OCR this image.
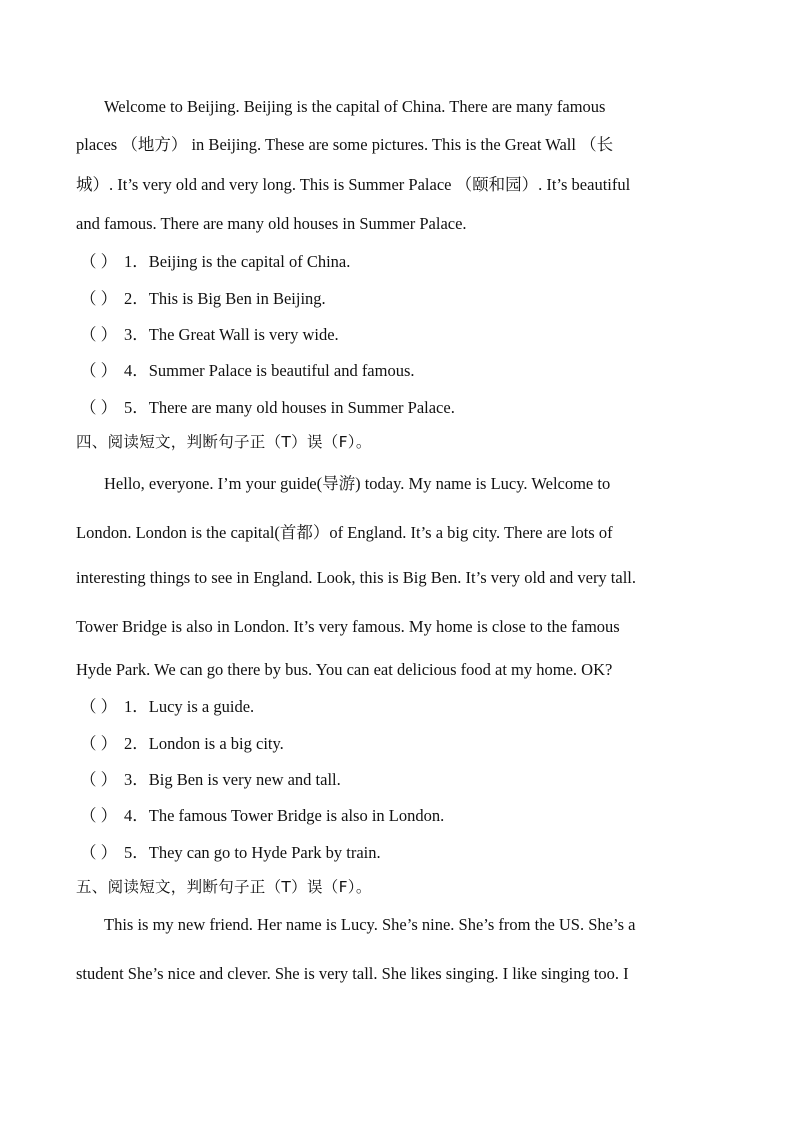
Welcome to Beijing. Beijing is the capital of China. There are many famous
places （地方） in Beijing. These are some pictures. This is the Great Wall （长
城）. It’s very old and very long. This is Summer Palace （颐和园）. It’s beautiful
and famous. There are many old houses in Summer Palace.
（ ） 1．Beijing is the capital of China.
（ ） 2．This is Big Ben in Beijing.
（ ） 3．The Great Wall is very wide.
（ ） 4．Summer Palace is beautiful and famous.
（ ） 5．There are many old houses in Summer Palace.
四、阅读短文，判断句子正（T）误（F）。
Hello, everyone. I’m your guide(导游) today. My name is Lucy. Welcome to
London. London is the capital(首都）of England. It’s a big city. There are lots of
interesting things to see in England. Look, this is Big Ben. It’s very old and very tall.
Tower Bridge is also in London. It’s very famous. My home is close to the famous
Hyde Park. We can go there by bus. You can eat delicious food at my home. OK?
（ ） 1．Lucy is a guide.
（ ） 2．London is a big city.
（ ） 3．Big Ben is very new and tall.
（ ） 4．The famous Tower Bridge is also in London.
（ ） 5．They can go to Hyde Park by train.
五、阅读短文，判断句子正（T）误（F）。
This is my new friend. Her name is Lucy. She’s nine. She’s from the US. She’s a
student She’s nice and clever. She is very tall. She likes singing. I like singing too. I
